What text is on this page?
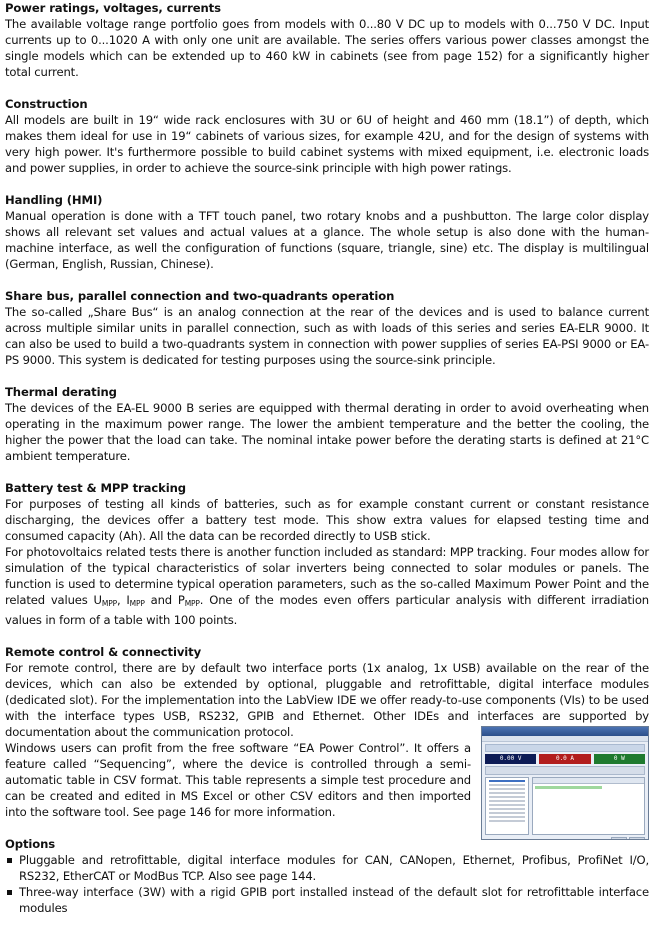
Power ratings, voltages, currents

The available voltage range portfolio goes from models with 0...80 V DC up to models with 0...750 V DC. Input currents up to 0...1020 A with only one unit are available. The series offers various power classes amongst the single models which can be extended up to 460 kW in cabinets (see from page 152) for a significantly higher total current.

Construction

All models are built in 19“ wide rack enclosures with 3U or 6U of height and 460 mm (18.1”) of depth, which makes them ideal for use in 19“ cabinets of various sizes, for example 42U, and for the design of systems with very high power. It's furthermore possible to build cabinet systems with mixed equipment, i.e. electronic loads and power supplies, in order to achieve the source-sink principle with high power ratings.

Handling (HMI)

Manual operation is done with a TFT touch panel, two rotary knobs and a pushbutton. The large color display shows all relevant set values and actual values at a glance. The whole setup is also done with the human-machine interface, as well the configuration of functions (square, triangle, sine) etc. The display is multilingual (German, English, Russian, Chinese).

Share bus, parallel connection and two-quadrants operation

The so-called „Share Bus“ is an analog connection at the rear of the devices and is used to balance current across multiple similar units in parallel connection, such as with loads of this series and series EA-ELR 9000. It can also be used to build a two-quadrants system in connection with power supplies of series EA-PSI 9000 or EA-PS 9000. This system is dedicated for testing purposes using the source-sink principle.

Thermal derating

The devices of the EA-EL 9000 B series are equipped with thermal derating in order to avoid overheating when operating in the maximum power range. The lower the ambient temperature and the better the cooling, the higher the power that the load can take. The nominal intake power before the derating starts is defined at 21°C ambient temperature.

Battery test & MPP tracking

For purposes of testing all kinds of batteries, such as for example constant current or constant resistance discharging, the devices offer a battery test mode. This show extra values for elapsed testing time and consumed capacity (Ah). All the data can be recorded directly to USB stick.

For photovoltaics related tests there is another function included as standard: MPP tracking. Four modes allow for simulation of the typical characteristics of solar inverters being connected to solar modules or panels. The function is used to determine typical operation parameters, such as the so-called Maximum Power Point and the related values $U_{MPP}$, $I_{MPP}$ and $P_{MPP}$. One of the modes even offers particular analysis with different irradiation values in form of a table with 100 points.

Remote control & connectivity

For remote control, there are by default two interface ports (1x analog, 1x USB) available on the rear of the devices, which can also be extended by optional, pluggable and retrofittable, digital interface modules (dedicated slot). For the implementation into the LabView IDE we offer ready-to-use components (VIs) to be used with the interface types USB, RS232, GPIB and Ethernet. Other IDEs and interfaces are supported by documentation about the communication protocol.

Windows users can profit from the free software “EA Power Control”. It offers a feature called “Sequencing”, where the device is controlled through a semi-automatic table in CSV format. This table represents a simple test procedure and can be created and edited in MS Excel or other CSV editors and then imported into the software tool. See page 146 for more information.

0.00 V	0.0 A	0 W
Options
Pluggable and retrofittable, digital interface modules for CAN, CANopen, Ethernet, Profibus, ProfiNet I/O, RS232, EtherCAT or ModBus TCP. Also see page 144.
Three-way interface (3W) with a rigid GPIB port installed instead of the default slot for retrofittable interface modules
